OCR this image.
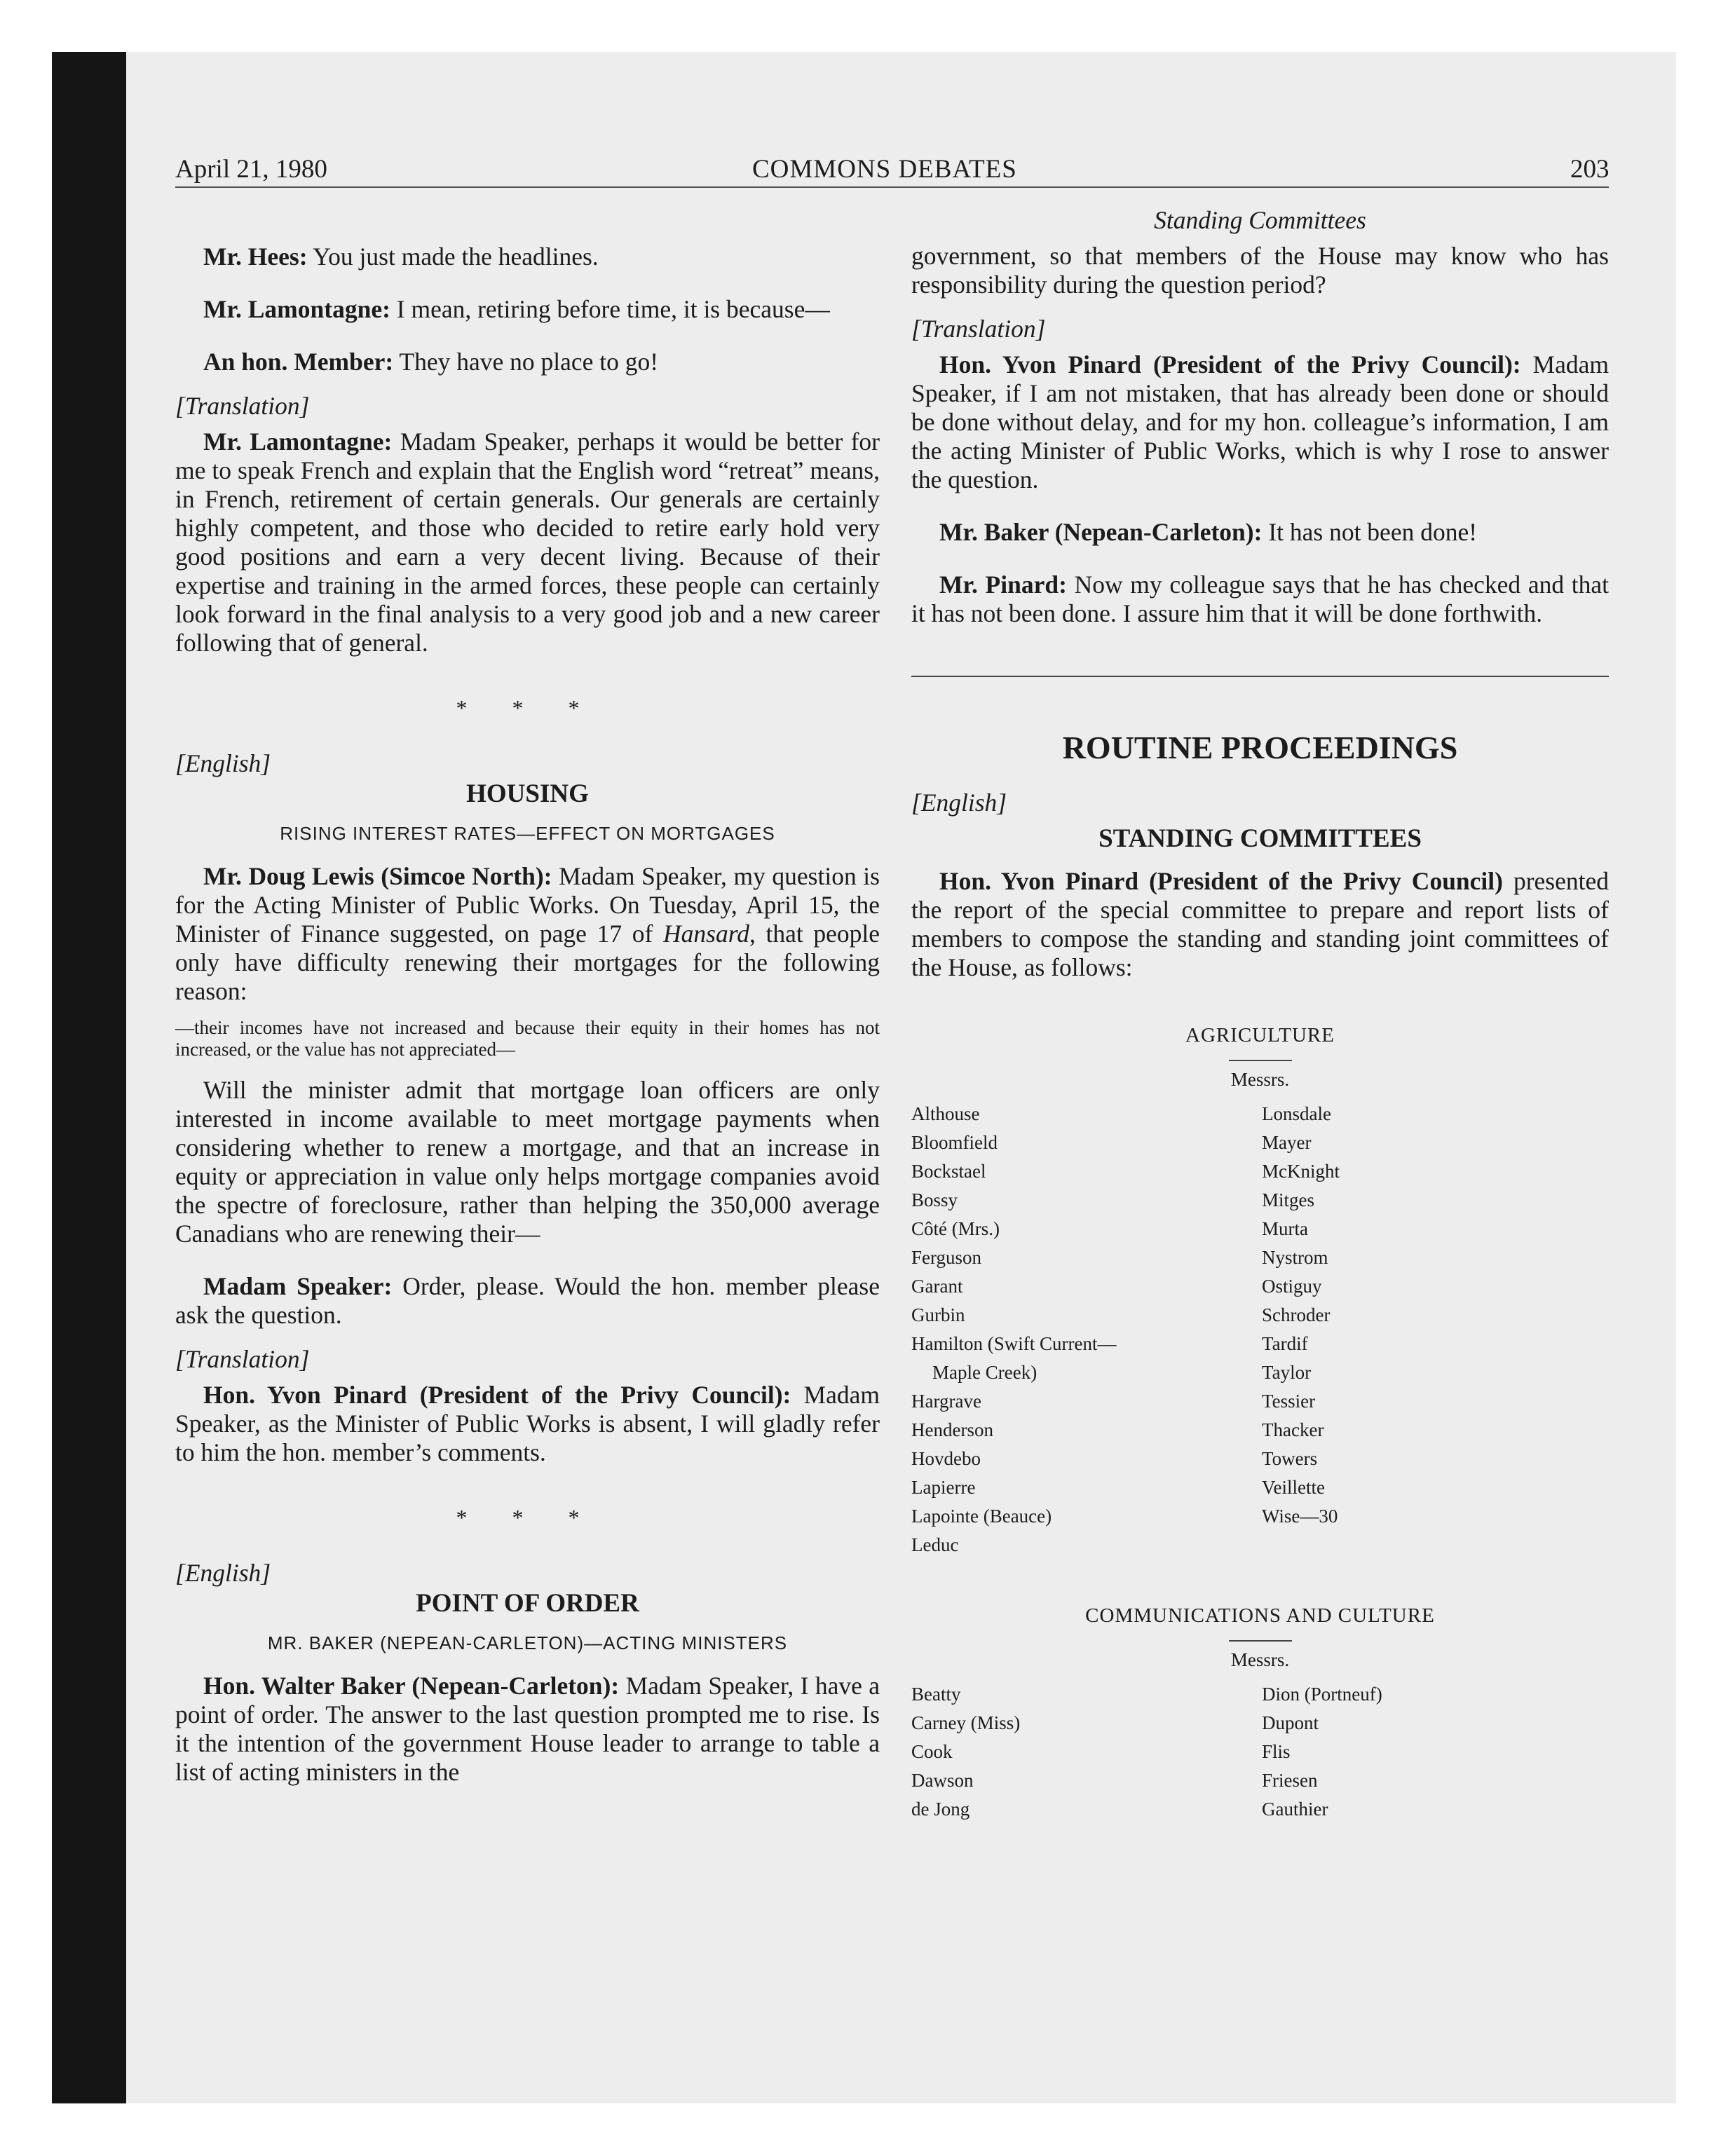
April 21, 1980	COMMONS DEBATES	203

Mr. Hees: You just made the headlines.

Mr. Lamontagne: I mean, retiring before time, it is because—

An hon. Member: They have no place to go!

[Translation]

Mr. Lamontagne: Madam Speaker, perhaps it would be better for me to speak French and explain that the English word “retreat” means, in French, retirement of certain generals. Our generals are certainly highly competent, and those who decided to retire early hold very good positions and earn a very decent living. Because of their expertise and training in the armed forces, these people can certainly look forward in the final analysis to a very good job and a new career following that of general.

* * *

[English]

HOUSING

RISING INTEREST RATES—EFFECT ON MORTGAGES

Mr. Doug Lewis (Simcoe North): Madam Speaker, my question is for the Acting Minister of Public Works. On Tuesday, April 15, the Minister of Finance suggested, on page 17 of Hansard, that people only have difficulty renewing their mortgages for the following reason:

—their incomes have not increased and because their equity in their homes has not increased, or the value has not appreciated—

Will the minister admit that mortgage loan officers are only interested in income available to meet mortgage payments when considering whether to renew a mortgage, and that an increase in equity or appreciation in value only helps mortgage companies avoid the spectre of foreclosure, rather than helping the 350,000 average Canadians who are renewing their—

Madam Speaker: Order, please. Would the hon. member please ask the question.

[Translation]

Hon. Yvon Pinard (President of the Privy Council): Madam Speaker, as the Minister of Public Works is absent, I will gladly refer to him the hon. member’s comments.

* * *

[English]

POINT OF ORDER

MR. BAKER (NEPEAN-CARLETON)—ACTING MINISTERS

Hon. Walter Baker (Nepean-Carleton): Madam Speaker, I have a point of order. The answer to the last question prompted me to rise. Is it the intention of the government House leader to arrange to table a list of acting ministers in the

Standing Committees

government, so that members of the House may know who has responsibility during the question period?

[Translation]

Hon. Yvon Pinard (President of the Privy Council): Madam Speaker, if I am not mistaken, that has already been done or should be done without delay, and for my hon. colleague’s information, I am the acting Minister of Public Works, which is why I rose to answer the question.

Mr. Baker (Nepean-Carleton): It has not been done!

Mr. Pinard: Now my colleague says that he has checked and that it has not been done. I assure him that it will be done forthwith.

ROUTINE PROCEEDINGS

[English]

STANDING COMMITTEES

Hon. Yvon Pinard (President of the Privy Council) presented the report of the special committee to prepare and report lists of members to compose the standing and standing joint committees of the House, as follows:

AGRICULTURE

Messrs.

Althouse
Bloomfield
Bockstael
Bossy
Côté (Mrs.)
Ferguson
Garant
Gurbin
Hamilton (Swift Current—
Maple Creek)
Hargrave
Henderson
Hovdebo
Lapierre
Lapointe (Beauce)
Leduc
Lonsdale
Mayer
McKnight
Mitges
Murta
Nystrom
Ostiguy
Schroder
Tardif
Taylor
Tessier
Thacker
Towers
Veillette
Wise—30

COMMUNICATIONS AND CULTURE

Messrs.

Beatty
Carney (Miss)
Cook
Dawson
de Jong
Dion (Portneuf)
Dupont
Flis
Friesen
Gauthier
